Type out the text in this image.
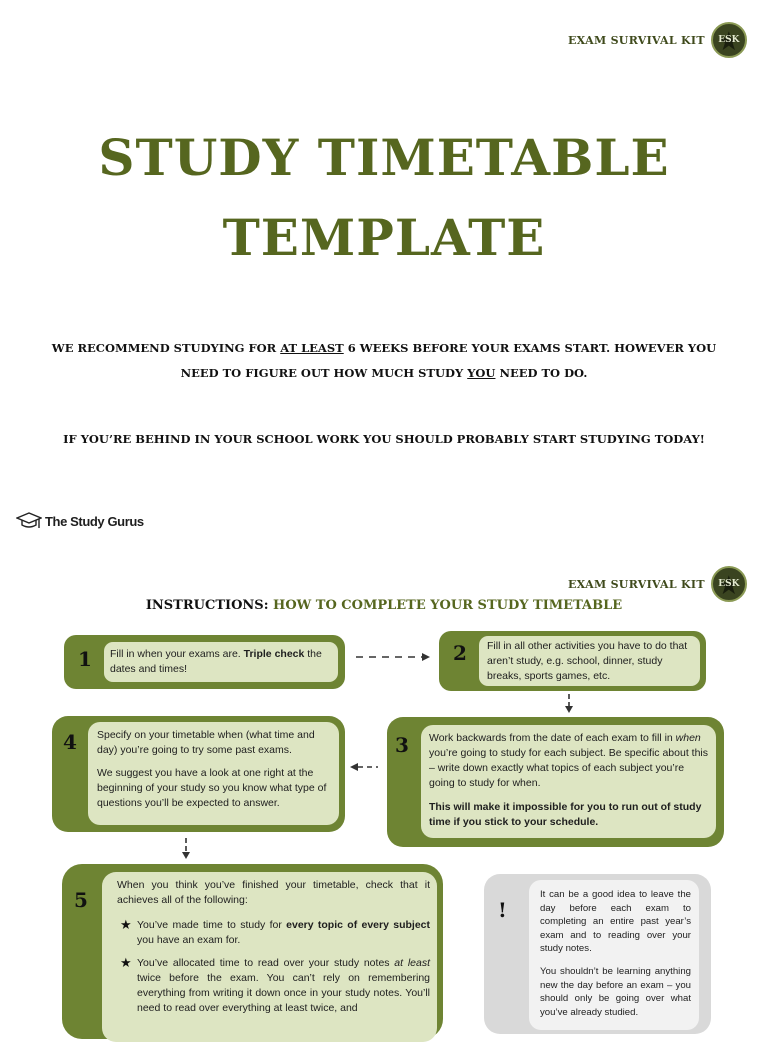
EXAM SURVIVAL KIT	★ ESK
STUDY TIMETABLE
TEMPLATE
WE RECOMMEND STUDYING FOR AT LEAST 6 WEEKS BEFORE YOUR EXAMS START. HOWEVER YOU
NEED TO FIGURE OUT HOW MUCH STUDY YOU NEED TO DO.
IF YOU’RE BEHIND IN YOUR SCHOOL WORK YOU SHOULD PROBABLY START STUDYING TODAY!
The Study Gurus
EXAM SURVIVAL KIT	★ ESK
INSTRUCTIONS: HOW TO COMPLETE YOUR STUDY TIMETABLE
1	Fill in when your exams are. Triple check the dates and times!
2	Fill in all other activities you have to do that aren’t study, e.g. school, dinner, study breaks, sports games, etc.
3 Work backwards from the date of each exam to fill in when you’re going to study for each subject. Be specific about this – write down exactly what topics of each subject you’re going to study for when.

This will make it impossible for you to run out of study time if you stick to your schedule.

4 Specify on your timetable when (what time and day) you’re going to try some past exams.

We suggest you have a look at one right at the beginning of your study so you know what type of questions you’ll be expected to answer.

5

When you think you’ve finished your timetable, check that it achieves all of the following:

★ You’ve made time to study for every topic of every subject you have an exam for.
★ You’ve allocated time to read over your study notes at least twice before the exam. You can’t rely on remembering everything from writing it down once in your study notes. You’ll need to read over everything at least twice, and
!

It can be a good idea to leave the day before each exam to completing an entire past year’s exam and to reading over your study notes.

You shouldn’t be learning anything new the day before an exam – you should only be going over what you’ve already studied.
